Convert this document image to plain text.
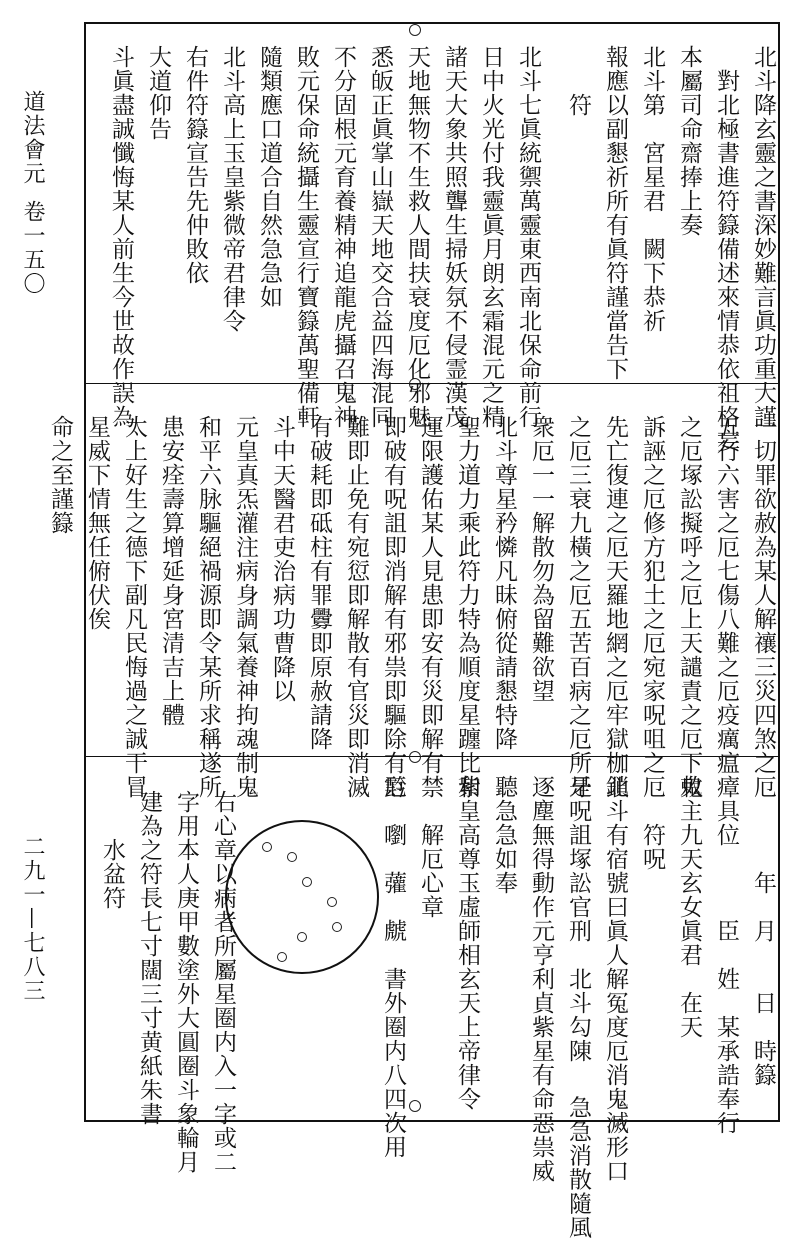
道法會元
卷一五〇
二九一—七八三
北斗降玄靈之書深妙難言眞功重大謹
對北極書進符籙備述來情恭依祖格妄
本屬司命齋捧上奏
北斗第　宮星君　闕下恭祈
報應以副懇祈所有眞符謹當告下
符
北斗七眞統禦萬靈東西南北保命前行
日中火光付我靈眞月朗玄霜混元之精
諸天大象共照聾生掃妖氛不侵霊漢茂
天地無物不生救人間扶衰度厄化邪魅
悉皈正眞掌山嶽天地交合益四海混同
不分固根元育養精神追龍虎攝召鬼神
敗元保命統攝生靈宣行寶籙萬聖備軒
隨類應口道合自然急急如
北斗高上玉皇紫微帝君律令
右件符籙宣告先仲敗依
大道仰告
斗眞盡誠懺悔某人前生今世故作誤為
一切罪欲赦為某人解禳三災四煞之厄
五行六害之厄七傷八難之厄疫癘瘟瘴
之厄塚訟擬呼之厄上天譴責之厄下鬼
訴誣之厄修方犯土之厄宛家呪咀之厄
先亡復連之厄天羅地網之厄牢獄枷鎖
之厄三衰九橫之厄五苦百病之厄所是
衆厄一一解散勿為留難欲望
北斗尊星矜憐凡昧俯從請懇特降
聖力道力乘此符力特為順度星躔比和
運限護佑某人見患即安有災即解有禁
即破有呪詛即消解有邪祟即驅除有厄
難即止免有宛愆即解散有官災即消滅
有破耗即砥柱有罪釁即原赦請降
斗中天醫君吏治病功曹降以
元皇真炁灌注病身調氣養神拘魂制鬼
和平六脉驅絕禍源即令某所求稱遂所
患安痊壽算增延身宮清吉上體
太上好生之德下副凡民悔過之誠干冒
星威下情無任俯伏俟
命之至謹籙
年　月　　日　時籙
具位　　　臣　姓　某承誥奉行
敕主九天玄女眞君　在天
符呪
北斗有宿號曰眞人解冤度厄消鬼滅形口
牙呪詛塚訟官刑　北斗勾陳 　急急消散隨風
逐塵無得動作元亨利貞紫星有命惡祟威
聽急急如奉
紫皇高尊玉虛師相玄天上帝律令
解厄心章
霒　嚠　虇　虤　書外圈内八四次用
右心章以病者所屬星圈内入一字或二
字用本人庚甲數塗外大圓圈斗象輪月
建為之符長七寸闊三寸黄紙朱書
水盆符
